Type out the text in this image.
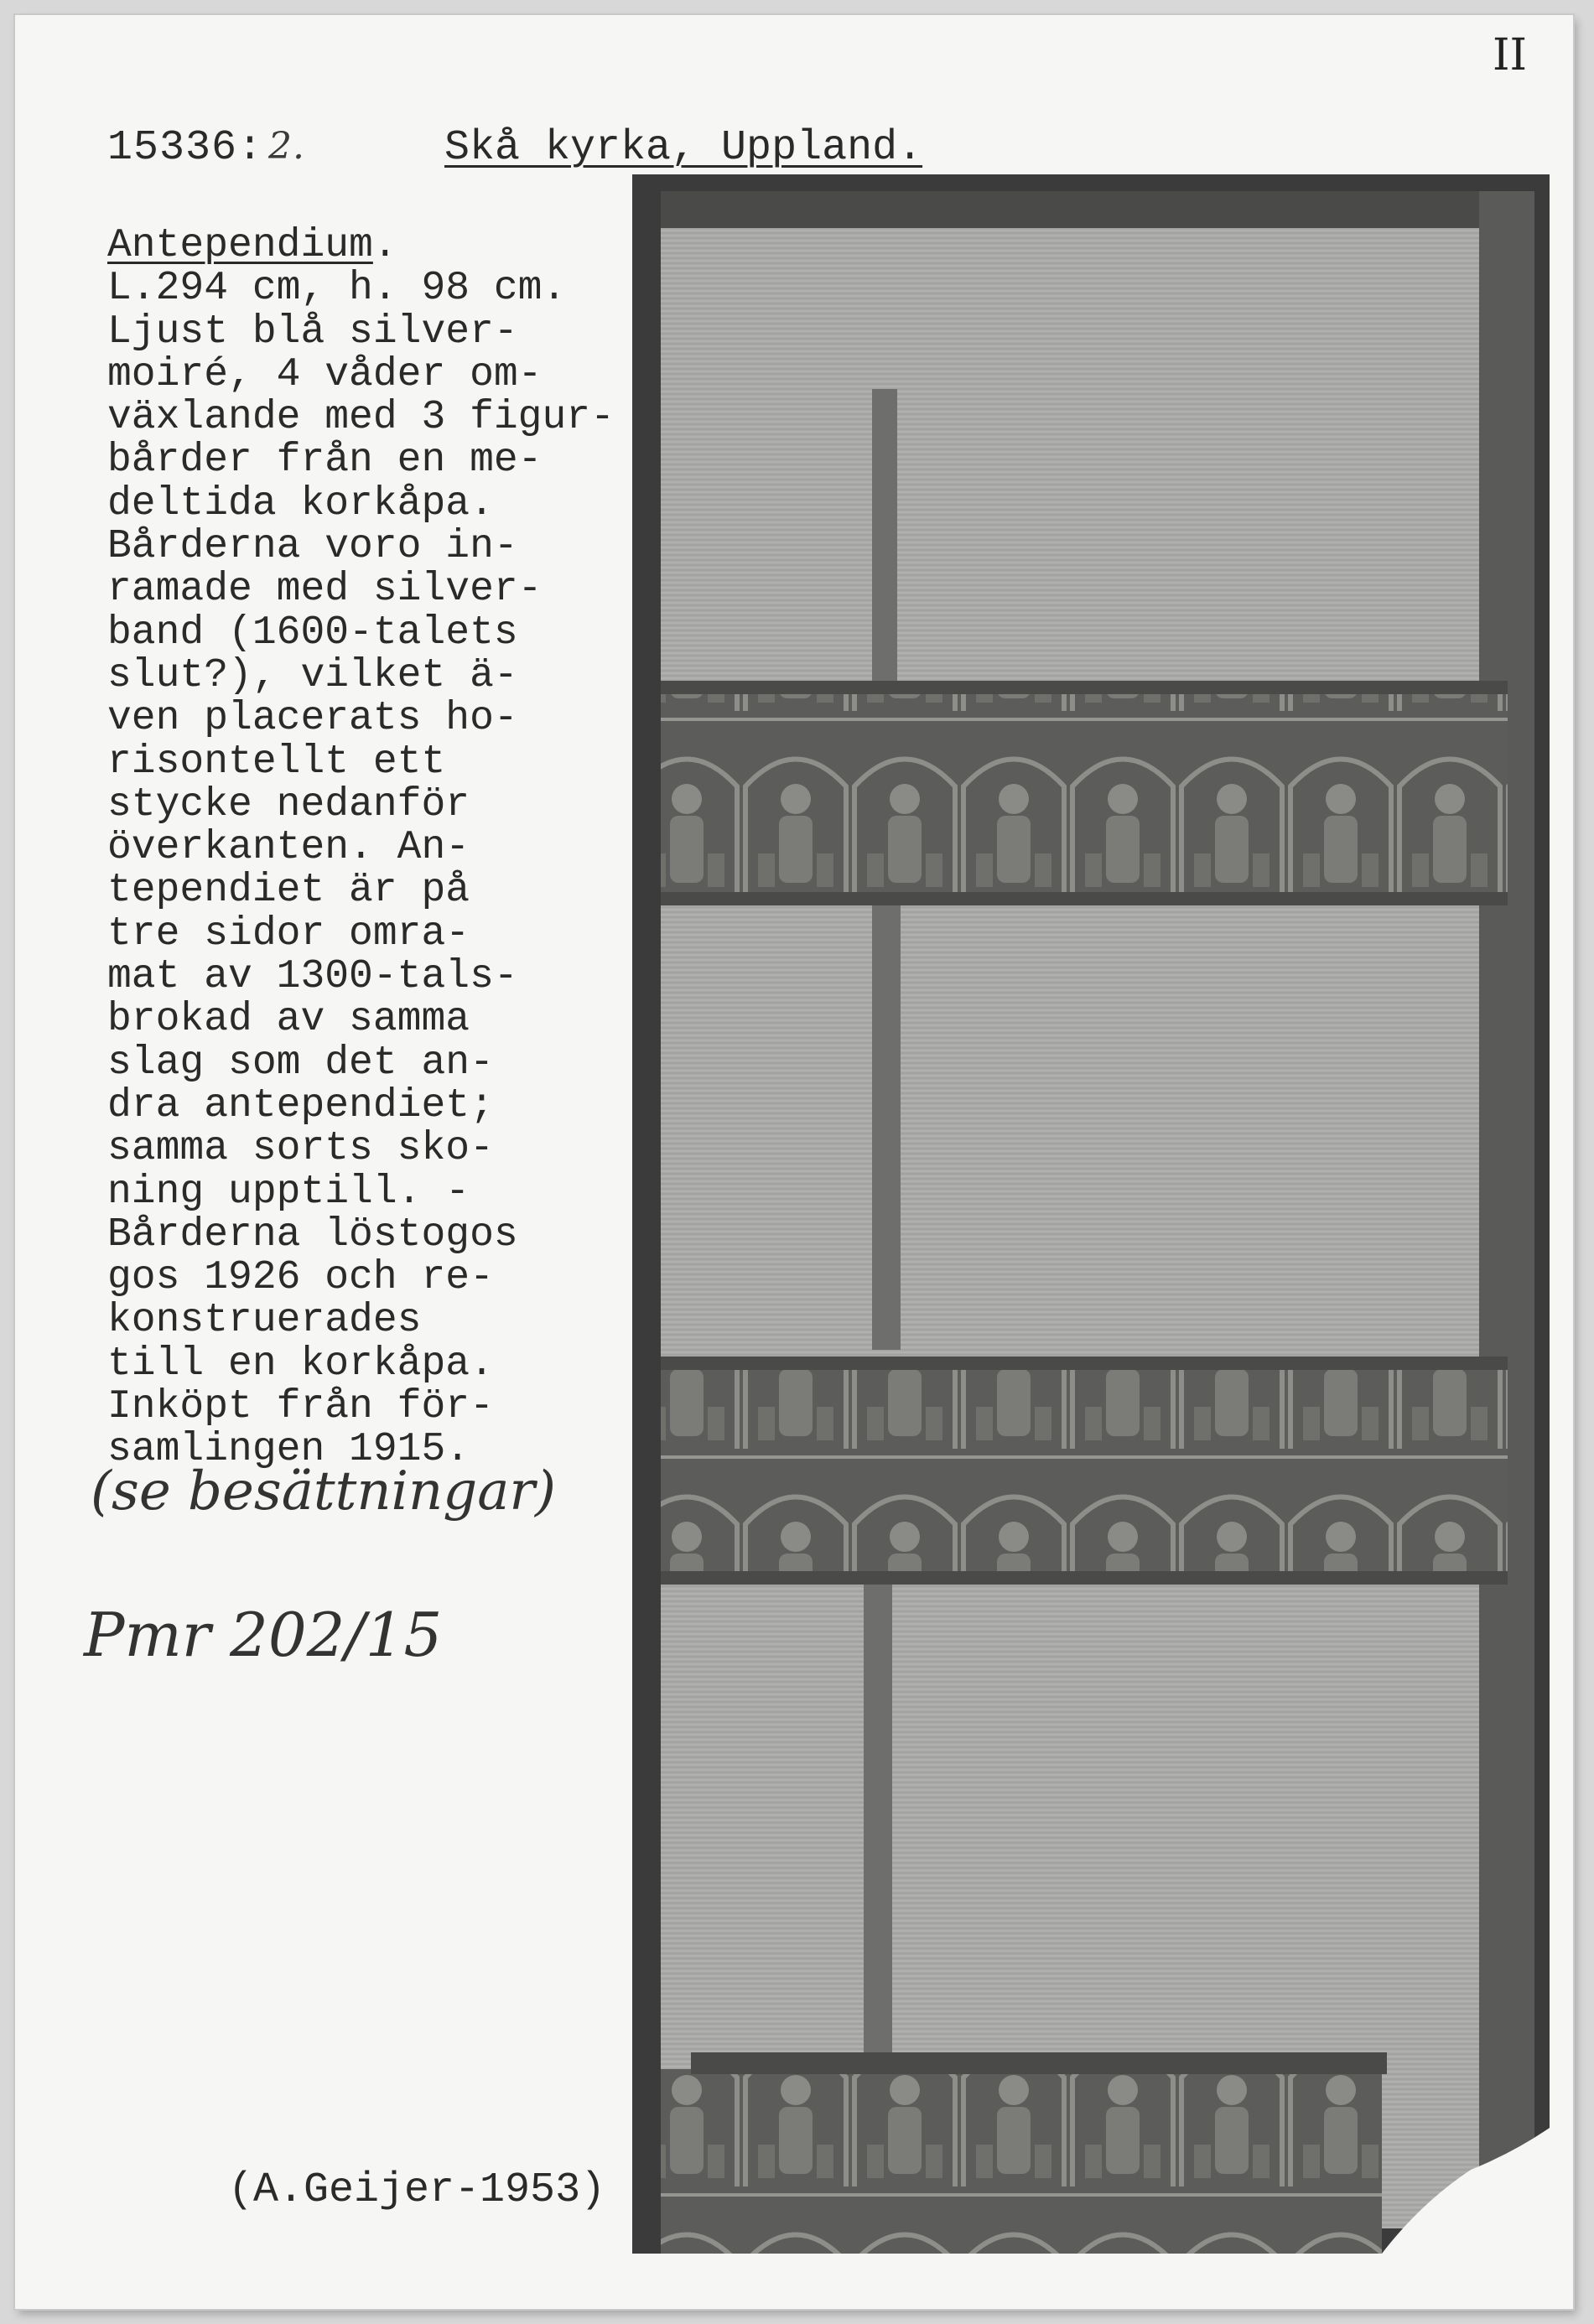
II
15336: 2.	Skå kyrka, Uppland.
Antependium.
L.294 cm, h. 98 cm.
Ljust blå silver-
moiré, 4 våder om-
växlande med 3 figur-
bårder från en me-
deltida korkåpa.
Bårderna voro in-
ramade med silver-
band (1600-talets
slut?), vilket ä-
ven placerats ho-
risontellt ett
stycke nedanför
överkanten. An-
tependiet är på
tre sidor omra-
mat av 1300-tals-
brokad av samma
slag som det an-
dra antependiet;
samma sorts sko-
ning upptill. -
Bårderna löstogos
gos 1926 och re-
konstruerades
till en korkåpa.
Inköpt från för-
samlingen 1915.
(se besättningar)
Pmr 202/15
(A.Geijer-1953)
